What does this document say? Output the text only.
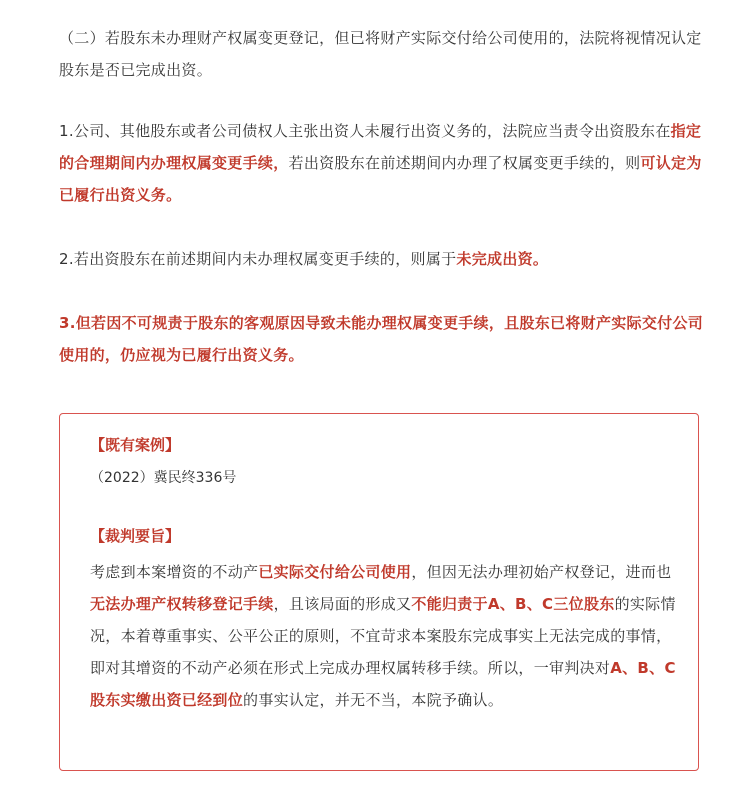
（二）若股东未办理财产权属变更登记，但已将财产实际交付给公司使用的，法院将视情况认定股东是否已完成出资。
1.公司、其他股东或者公司债权人主张出资人未履行出资义务的，法院应当责令出资股东在指定的合理期间内办理权属变更手续，若出资股东在前述期间内办理了权属变更手续的，则可认定为已履行出资义务。
2.若出资股东在前述期间内未办理权属变更手续的，则属于未完成出资。
3.但若因不可规责于股东的客观原因导致未能办理权属变更手续，且股东已将财产实际交付公司使用的，仍应视为已履行出资义务。
【既有案例】
（2022）冀民终336号
【裁判要旨】
考虑到本案增资的不动产已实际交付给公司使用，但因无法办理初始产权登记，进而也无法办理产权转移登记手续，且该局面的形成又不能归责于A、B、C三位股东的实际情况，本着尊重事实、公平公正的原则，不宜苛求本案股东完成事实上无法完成的事情，即对其增资的不动产必须在形式上完成办理权属转移手续。所以，一审判决对A、B、C股东实缴出资已经到位的事实认定，并无不当，本院予确认。
